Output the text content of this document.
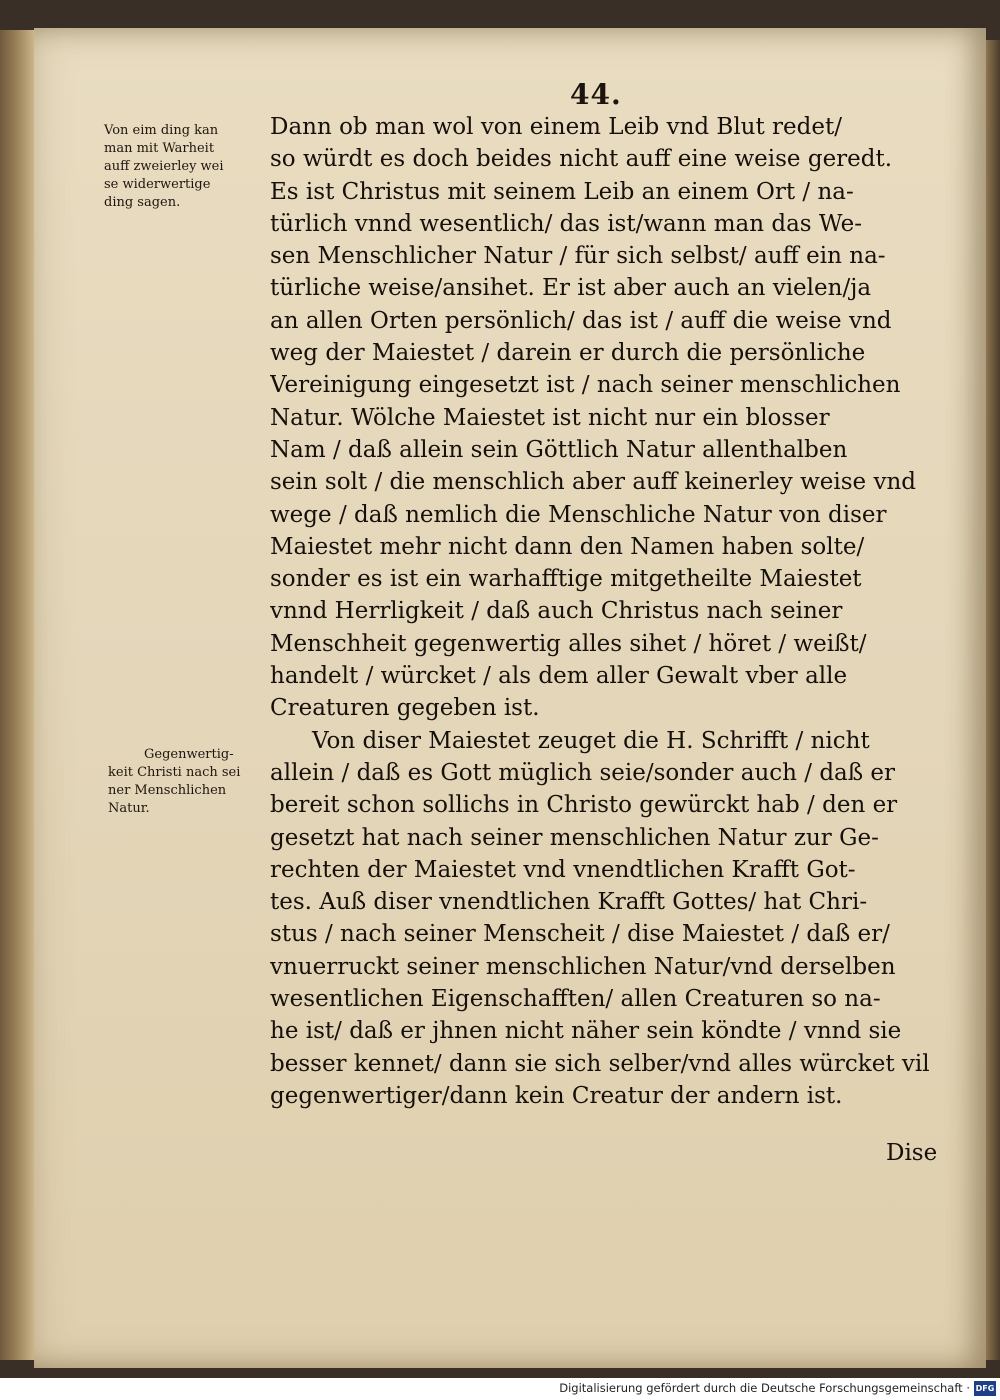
44.
Von eim ding kan
man mit Warheit
auff zweierley wei
se widerwertige
ding sagen.
Gegenwertig-
keit Christi nach sei
ner Menschlichen
Natur.
Dann ob man wol von einem Leib vnd Blut redet/
so würdt es doch beides nicht auff eine weise geredt.
Es ist Christus mit seinem Leib an einem Ort / na-
türlich vnnd wesentlich/ das ist/wann man das We-
sen Menschlicher Natur / für sich selbst/ auff ein na-
türliche weise/ansihet. Er ist aber auch an vielen/ja
an allen Orten persönlich/ das ist / auff die weise vnd
weg der Maiestet / darein er durch die persönliche
Vereinigung eingesetzt ist / nach seiner menschlichen
Natur. Wölche Maiestet ist nicht nur ein blosser
Nam / daß allein sein Göttlich Natur allenthalben
sein solt / die menschlich aber auff keinerley weise vnd
wege / daß nemlich die Menschliche Natur von diser
Maiestet mehr nicht dann den Namen haben solte/
sonder es ist ein warhafftige mitgetheilte Maiestet
vnnd Herrligkeit / daß auch Christus nach seiner
Menschheit gegenwertig alles sihet / höret / weißt/
handelt / würcket / als dem aller Gewalt vber alle
Creaturen gegeben ist.
Von diser Maiestet zeuget die H. Schrifft / nicht
allein / daß es Gott müglich seie/sonder auch / daß er
bereit schon sollichs in Christo gewürckt hab / den er
gesetzt hat nach seiner menschlichen Natur zur Ge-
rechten der Maiestet vnd vnendtlichen Krafft Got-
tes. Auß diser vnendtlichen Krafft Gottes/ hat Chri-
stus / nach seiner Menscheit / dise Maiestet / daß er/
vnuerruckt seiner menschlichen Natur/vnd derselben
wesentlichen Eigenschafften/ allen Creaturen so na-
he ist/ daß er jhnen nicht näher sein köndte / vnnd sie
besser kennet/ dann sie sich selber/vnd alles würcket vil
gegenwertiger/dann kein Creatur der andern ist.
Dise
Digitalisierung gefördert durch die Deutsche Forschungsgemeinschaft · DFG
